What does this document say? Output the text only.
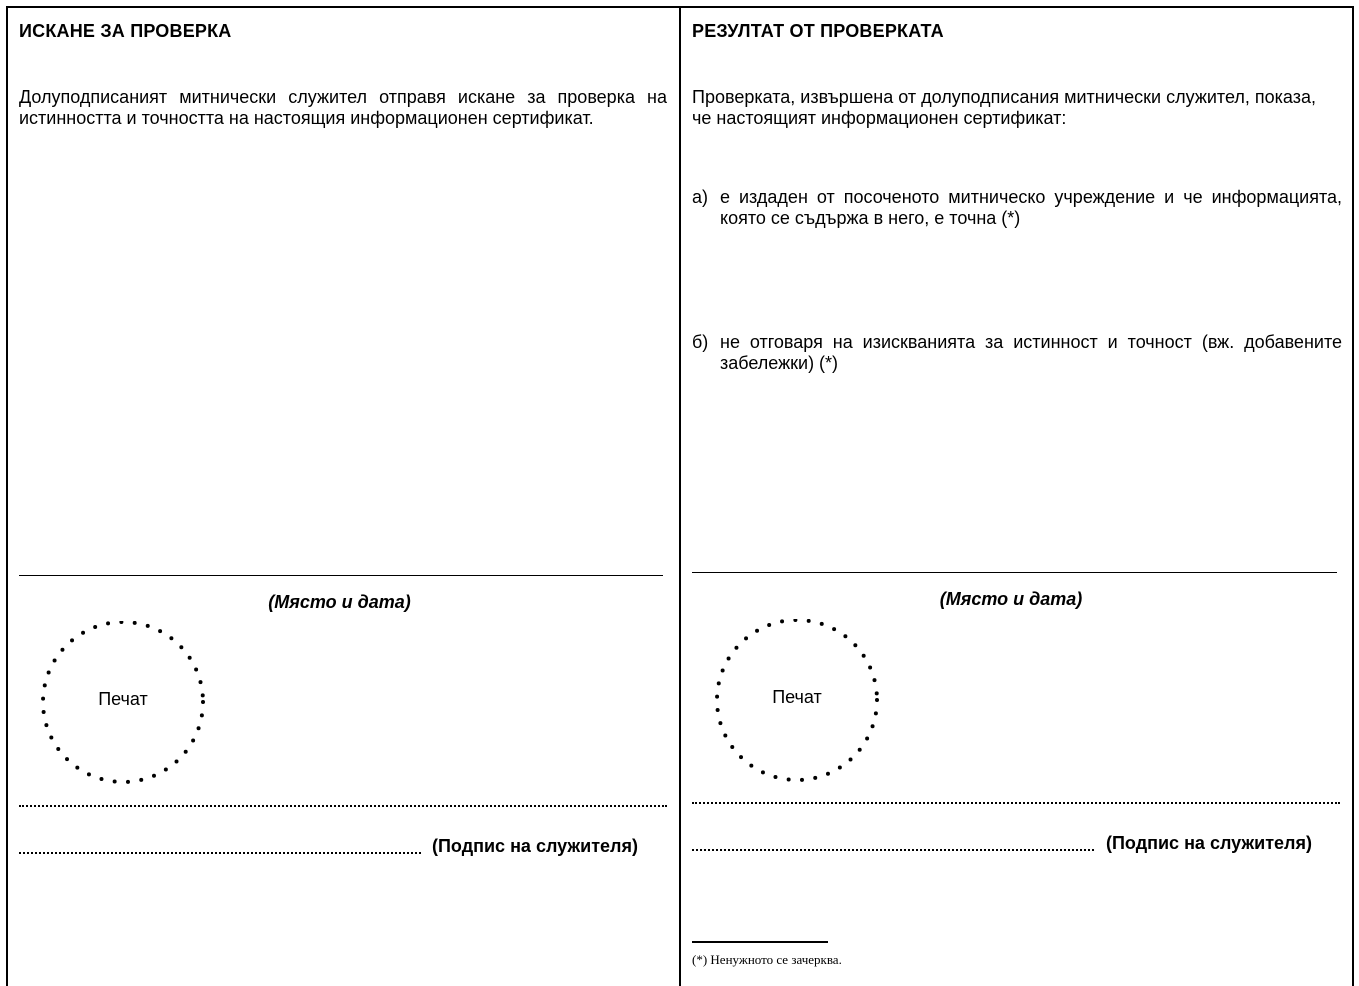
ИСКАНЕ ЗА ПРОВЕРКА
Долуподписаният митнически служител отправя искане за проверка на истинността и точността на настоящия информационен сертификат.
(Място и дата)
Печат
(Подпис на служителя)
РЕЗУЛТАТ ОТ ПРОВЕРКАТА
Проверката, извършена от долуподписания митнически служител, показа, че настоящият информационен сертификат:
а) е издаден от посоченото митническо учреждение и че информацията, която се съдържа в него, е точна (*)
б) не отговаря на изискванията за истинност и точност (вж. добавените забележки) (*)
(Място и дата)
Печат
(Подпис на служителя)
(*) Ненужното се зачерква.
